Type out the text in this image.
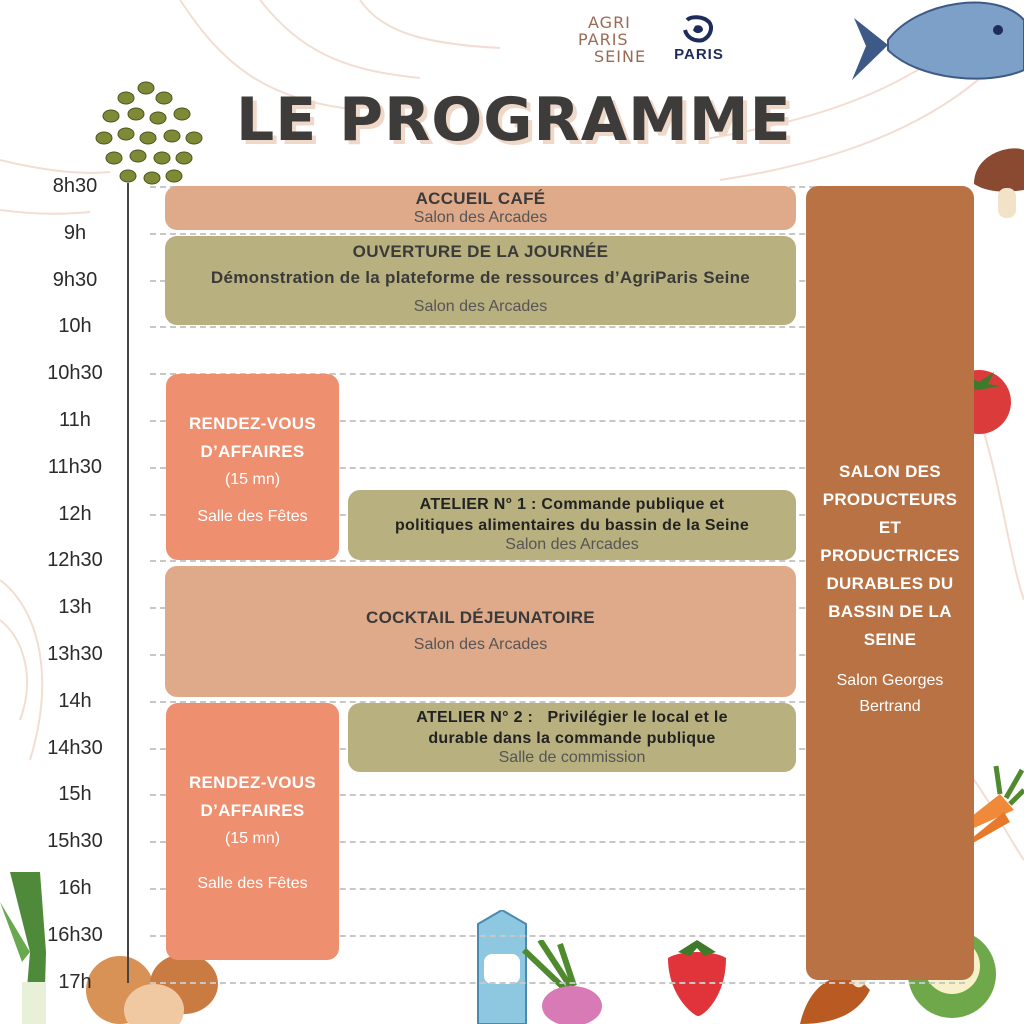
AGRI
PARIS
SEINE	PARIS
LE PROGRAMME
8h30
9h
9h30
10h
10h30
11h
11h30
12h
12h30
13h
13h30
14h
14h30
15h
15h30
16h
16h30
17h
ACCUEIL CAFÉ
Salon des Arcades
OUVERTURE DE LA JOURNÉE
Démonstration de la plateforme de ressources d’AgriParis Seine
Salon des Arcades
RENDEZ-VOUS
D’AFFAIRES
(15 mn)
Salle des Fêtes
ATELIER N° 1 : Commande publique et
politiques alimentaires du bassin de la Seine
Salon des Arcades
COCKTAIL DÉJEUNATOIRE
Salon des Arcades
ATELIER N° 2 : Privilégier le local et le
durable dans la commande publique
Salle de commission
RENDEZ-VOUS
D’AFFAIRES
(15 mn)
Salle des Fêtes
SALON DES
PRODUCTEURS
ET
PRODUCTRICES
DURABLES DU
BASSIN DE LA
SEINE
Salon Georges
Bertrand
